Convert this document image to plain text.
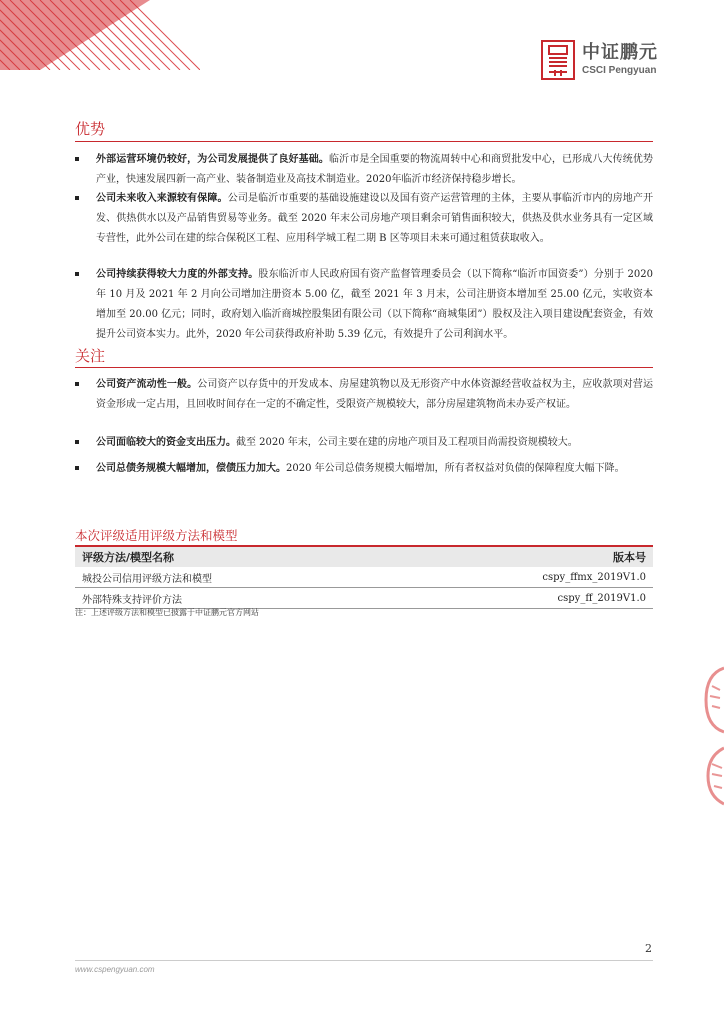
中证鹏元
CSCI Pengyuan
优势
外部运营环境仍较好，为公司发展提供了良好基础。临沂市是全国重要的物流周转中心和商贸批发中心，已形成八大传统优势产业，快速发展四新一高产业、装备制造业及高技术制造业。2020年临沂市经济保持稳步增长。
公司未来收入来源较有保障。公司是临沂市重要的基础设施建设以及国有资产运营管理的主体，主要从事临沂市内的房地产开发、供热供水以及产品销售贸易等业务。截至 2020 年末公司房地产项目剩余可销售面积较大，供热及供水业务具有一定区域专营性，此外公司在建的综合保税区工程、应用科学城工程二期 B 区等项目未来可通过租赁获取收入。
公司持续获得较大力度的外部支持。股东临沂市人民政府国有资产监督管理委员会（以下简称“临沂市国资委”）分别于 2020 年 10 月及 2021 年 2 月向公司增加注册资本 5.00 亿，截至 2021 年 3 月末，公司注册资本增加至 25.00 亿元，实收资本增加至 20.00 亿元；同时，政府划入临沂商城控股集团有限公司（以下简称“商城集团”）股权及注入项目建设配套资金，有效提升公司资本实力。此外，2020 年公司获得政府补助 5.39 亿元，有效提升了公司利润水平。
关注
公司资产流动性一般。公司资产以存货中的开发成本、房屋建筑物以及无形资产中水体资源经营收益权为主，应收款项对营运资金形成一定占用，且回收时间存在一定的不确定性，受限资产规模较大，部分房屋建筑物尚未办妥产权证。
公司面临较大的资金支出压力。截至 2020 年末，公司主要在建的房地产项目及工程项目尚需投资规模较大。
公司总债务规模大幅增加，偿债压力加大。2020 年公司总债务规模大幅增加，所有者权益对负债的保障程度大幅下降。
本次评级适用评级方法和模型
评级方法/模型名称	版本号
城投公司信用评级方法和模型	cspy_ffmx_2019V1.0
外部特殊支持评价方法	cspy_ff_2019V1.0
注：上述评级方法和模型已披露于中证鹏元官方网站
2
www.cspengyuan.com
